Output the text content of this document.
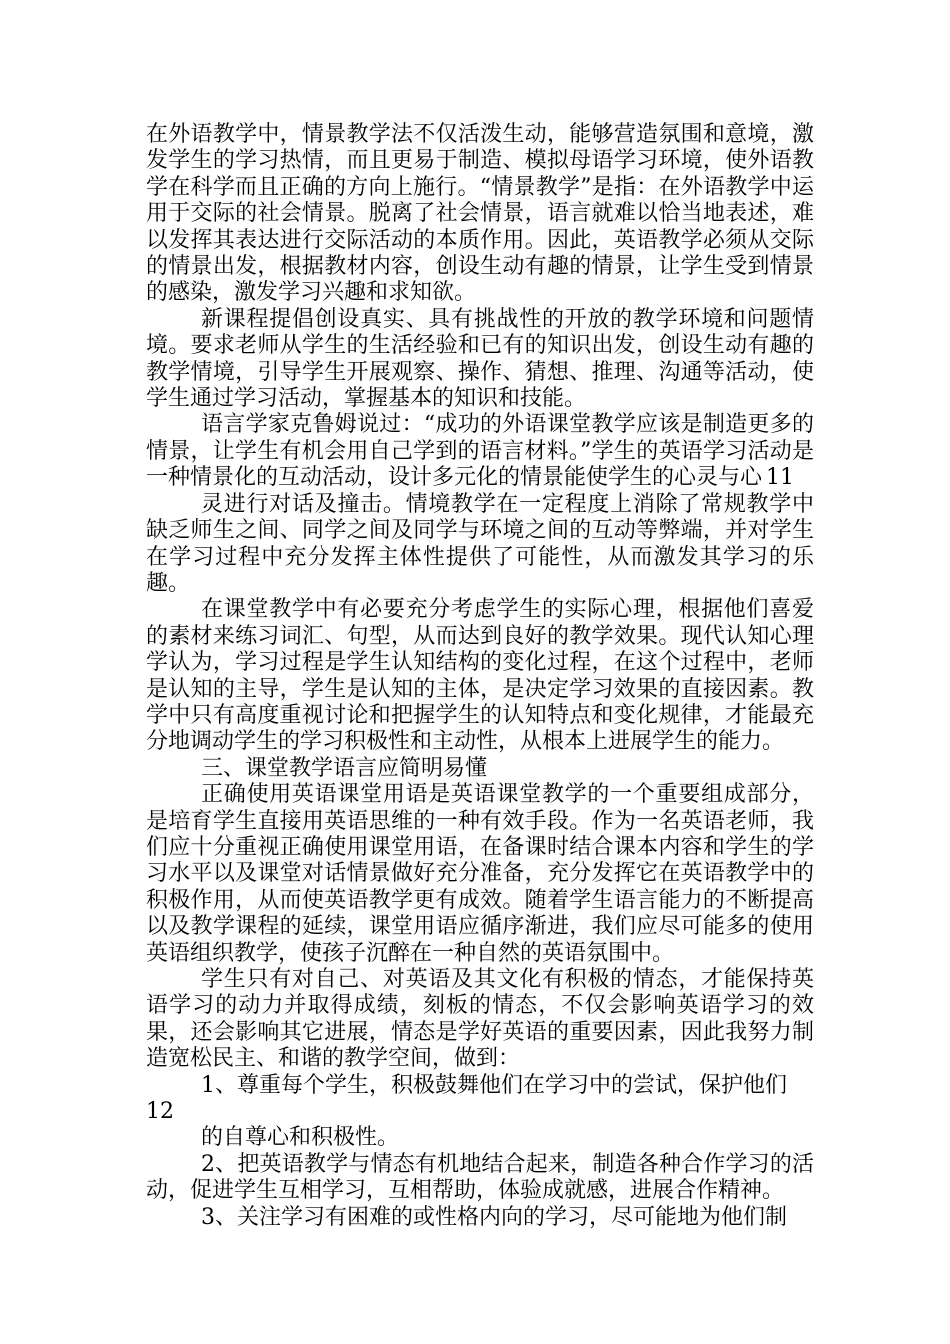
在外语教学中，情景教学法不仅活泼生动，能够营造氛围和意境，激发学生的学习热情，而且更易于制造、模拟母语学习环境，使外语教学在科学而且正确的方向上施行。“情景教学”是指：在外语教学中运用于交际的社会情景。脱离了社会情景，语言就难以恰当地表述，难以发挥其表达进行交际活动的本质作用。因此，英语教学必须从交际的情景出发，根据教材内容，创设生动有趣的情景，让学生受到情景的感染，激发学习兴趣和求知欲。

新课程提倡创设真实、具有挑战性的开放的教学环境和问题情境。要求老师从学生的生活经验和已有的知识出发，创设生动有趣的教学情境，引导学生开展观察、操作、猜想、推理、沟通等活动，使学生通过学习活动，掌握基本的知识和技能。

语言学家克鲁姆说过：“成功的外语课堂教学应该是制造更多的情景，让学生有机会用自己学到的语言材料。”学生的英语学习活动是一种情景化的互动活动，设计多元化的情景能使学生的心灵与心 11

灵进行对话及撞击。情境教学在一定程度上消除了常规教学中缺乏师生之间、同学之间及同学与环境之间的互动等弊端，并对学生在学习过程中充分发挥主体性提供了可能性，从而激发其学习的乐趣。

在课堂教学中有必要充分考虑学生的实际心理，根据他们喜爱的素材来练习词汇、句型，从而达到良好的教学效果。现代认知心理学认为，学习过程是学生认知结构的变化过程，在这个过程中，老师是认知的主导，学生是认知的主体，是决定学习效果的直接因素。教学中只有高度重视讨论和把握学生的认知特点和变化规律，才能最充分地调动学生的学习积极性和主动性，从根本上进展学生的能力。

三、课堂教学语言应简明易懂

正确使用英语课堂用语是英语课堂教学的一个重要组成部分，是培育学生直接用英语思维的一种有效手段。作为一名英语老师，我们应十分重视正确使用课堂用语，在备课时结合课本内容和学生的学习水平以及课堂对话情景做好充分准备，充分发挥它在英语教学中的积极作用，从而使英语教学更有成效。随着学生语言能力的不断提高以及教学课程的延续，课堂用语应循序渐进，我们应尽可能多的使用英语组织教学，使孩子沉醉在一种自然的英语氛围中。

学生只有对自己、对英语及其文化有积极的情态，才能保持英语学习的动力并取得成绩，刻板的情态，不仅会影响英语学习的效果，还会影响其它进展，情态是学好英语的重要因素，因此我努力制造宽松民主、和谐的教学空间，做到：

1、尊重每个学生，积极鼓舞他们在学习中的尝试，保护他们

12

的自尊心和积极性。

2、把英语教学与情态有机地结合起来，制造各种合作学习的活动，促进学生互相学习，互相帮助，体验成就感，进展合作精神。

3、关注学习有困难的或性格内向的学习，尽可能地为他们制
